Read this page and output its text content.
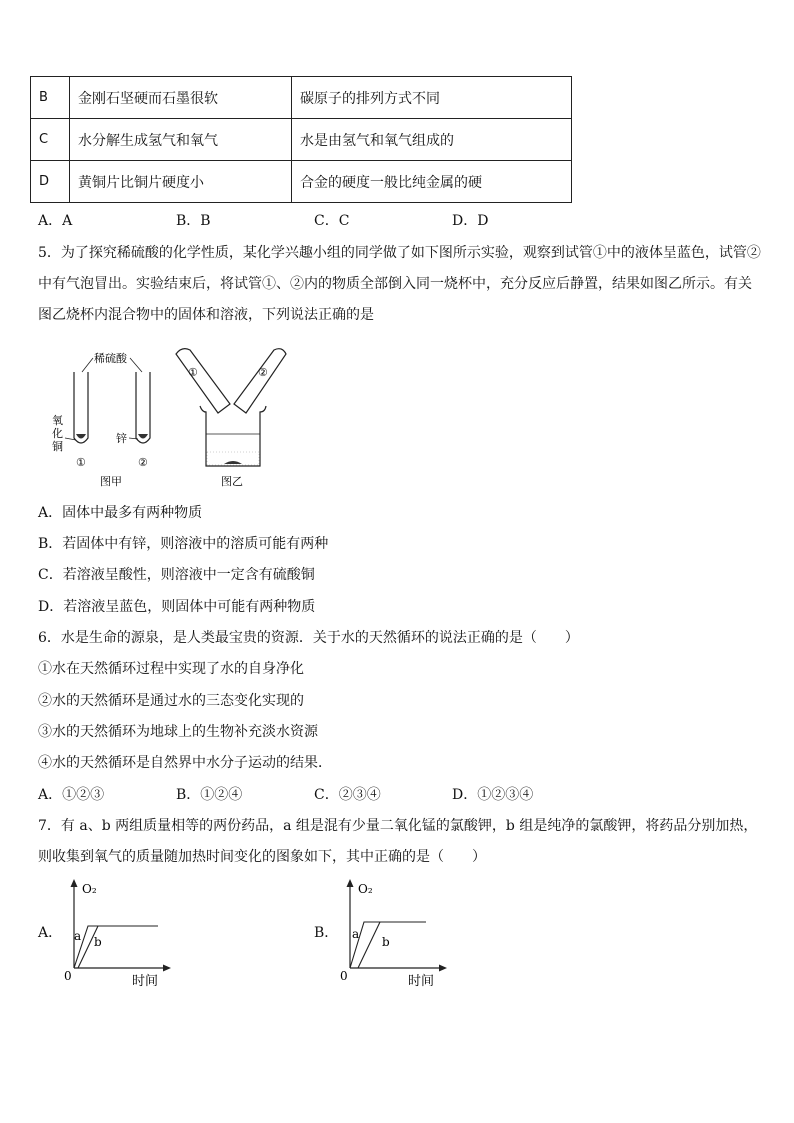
B	金刚石坚硬而石墨很软	碳原子的排列方式不同
C	水分解生成氢气和氧气	水是由氢气和氧气组成的
D	黄铜片比铜片硬度小	合金的硬度一般比纯金属的硬
A．A	B．B	C．C	D．D
5．为了探究稀硫酸的化学性质，某化学兴趣小组的同学做了如下图所示实验，观察到试管①中的液体呈蓝色，试管②
中有气泡冒出。实验结束后，将试管①、②内的物质全部倒入同一烧杯中，充分反应后静置，结果如图乙所示。有关
图乙烧杯内混合物中的固体和溶液，下列说法正确的是
稀硫酸
氧
化
铜
锌
①	②
图甲
①	②
图乙
A．固体中最多有两种物质
B．若固体中有锌，则溶液中的溶质可能有两种
C．若溶液呈酸性，则溶液中一定含有硫酸铜
D．若溶液呈蓝色，则固体中可能有两种物质
6．水是生命的源泉，是人类最宝贵的资源．关于水的天然循环的说法正确的是（　　）
①水在天然循环过程中实现了水的自身净化
②水的天然循环是通过水的三态变化实现的
③水的天然循环为地球上的生物补充淡水资源
④水的天然循环是自然界中水分子运动的结果．
A．①②③	B．①②④	C．②③④	D．①②③④
7．有 a、b 两组质量相等的两份药品，a 组是混有少量二氧化锰的氯酸钾，b 组是纯净的氯酸钾，将药品分别加热，
则收集到氧气的质量随加热时间变化的图象如下，其中正确的是（　　）
A．
O₂
0	时间
a b
B．
O₂
0	时间
a
b
